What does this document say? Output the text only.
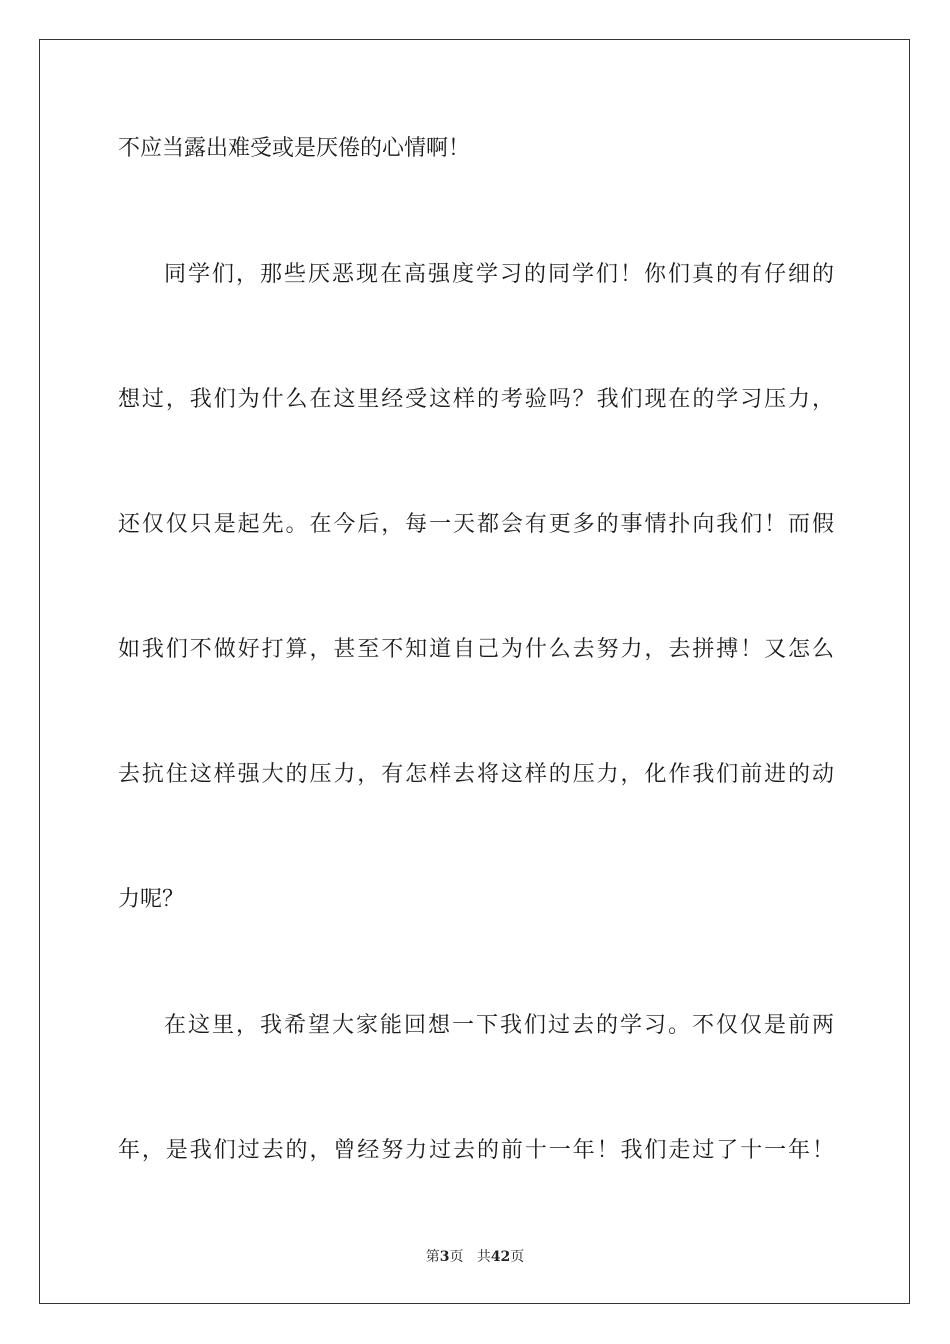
不应当露出难受或是厌倦的心情啊！
同学们，那些厌恶现在高强度学习的同学们！你们真的有仔细的
想过，我们为什么在这里经受这样的考验吗？我们现在的学习压力，
还仅仅只是起先。在今后，每一天都会有更多的事情扑向我们！而假
如我们不做好打算，甚至不知道自己为什么去努力，去拼搏！又怎么
去抗住这样强大的压力，有怎样去将这样的压力，化作我们前进的动
力呢？
在这里，我希望大家能回想一下我们过去的学习。不仅仅是前两
年，是我们过去的，曾经努力过去的前十一年！我们走过了十一年！
第3页 共42页
